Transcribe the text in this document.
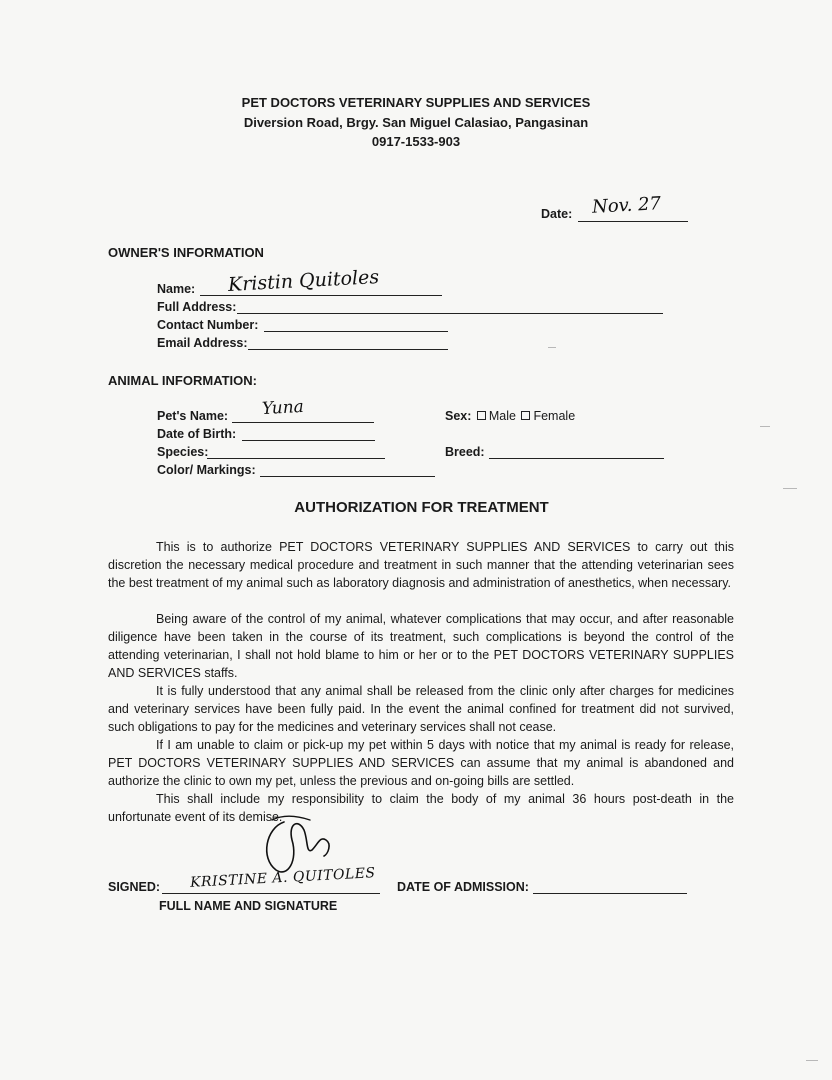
PET DOCTORS VETERINARY SUPPLIES AND SERVICES
Diversion Road, Brgy. San Miguel Calasiao, Pangasinan
0917-1533-903
Date: Nov. 27
OWNER'S INFORMATION
Name: Kristin Quitoles
Full Address:
Contact Number:
Email Address:
ANIMAL INFORMATION:
Pet's Name: Yuna	Sex: Male Female
Date of Birth:
Species:	Breed:
Color/ Markings:
AUTHORIZATION FOR TREATMENT

This is to authorize PET DOCTORS VETERINARY SUPPLIES AND SERVICES to carry out this discretion the necessary medical procedure and treatment in such manner that the attending veterinarian sees the best treatment of my animal such as laboratory diagnosis and administration of anesthetics, when necessary.

Being aware of the control of my animal, whatever complications that may occur, and after reasonable diligence have been taken in the course of its treatment, such complications is beyond the control of the attending veterinarian, I shall not hold blame to him or her or to the PET DOCTORS VETERINARY SUPPLIES AND SERVICES staffs.

It is fully understood that any animal shall be released from the clinic only after charges for medicines and veterinary services have been fully paid. In the event the animal confined for treatment did not survived, such obligations to pay for the medicines and veterinary services shall not cease.

If I am unable to claim or pick-up my pet within 5 days with notice that my animal is ready for release, PET DOCTORS VETERINARY SUPPLIES AND SERVICES can assume that my animal is abandoned and authorize the clinic to own my pet, unless the previous and on-going bills are settled.

This shall include my responsibility to claim the body of my animal 36 hours post-death in the unfortunate event of its demise.

SIGNED: KRISTINE A. QUITOLES
FULL NAME AND SIGNATURE
DATE OF ADMISSION:
